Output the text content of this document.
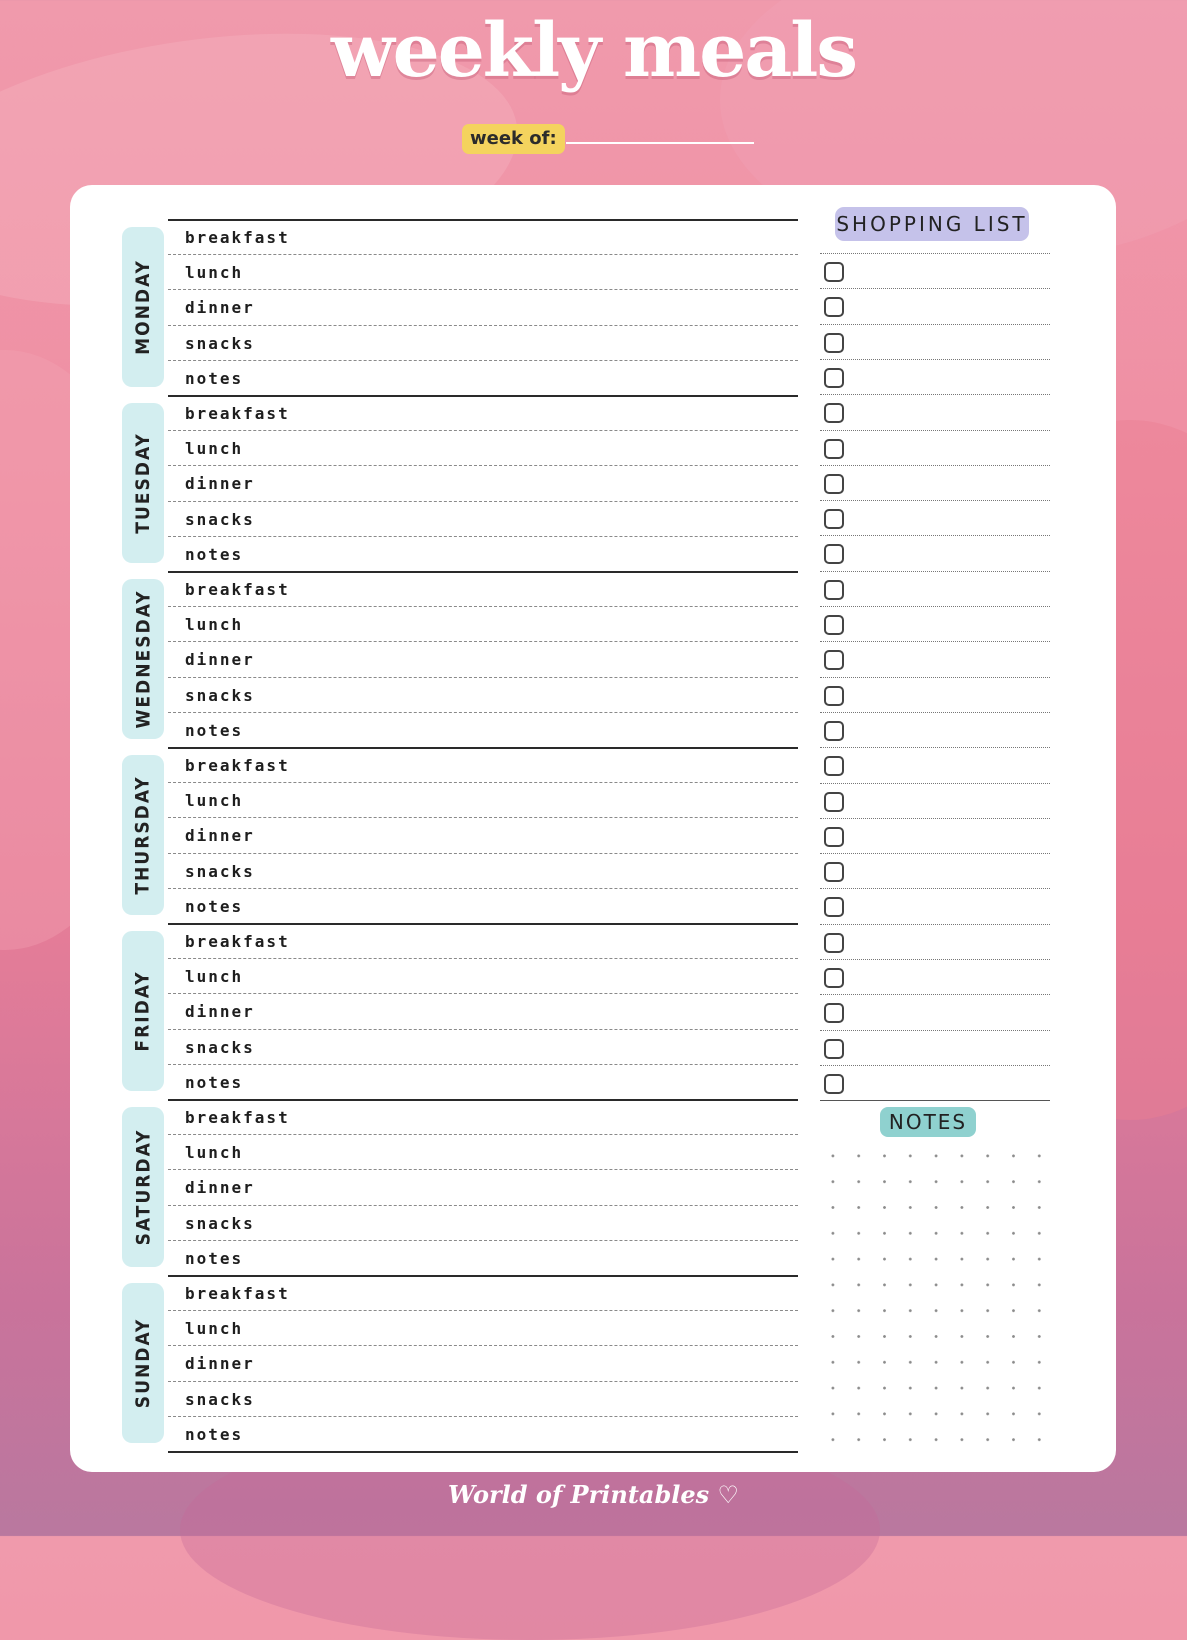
weekly meals
week of:
MONDAY
breakfast
lunch
dinner
snacks
notes
TUESDAY
breakfast
lunch
dinner
snacks
notes
WEDNESDAY breakfast
lunch
dinner
snacks
notes
THURSDAY
breakfast
lunch
dinner
snacks
notes
FRIDAY
breakfast
lunch
dinner
snacks
notes
SATURDAY
breakfast
lunch
dinner
snacks
notes
SUNDAY
breakfast
lunch
dinner
snacks
notes
SHOPPING LIST
NOTES
World of Printables ♡
